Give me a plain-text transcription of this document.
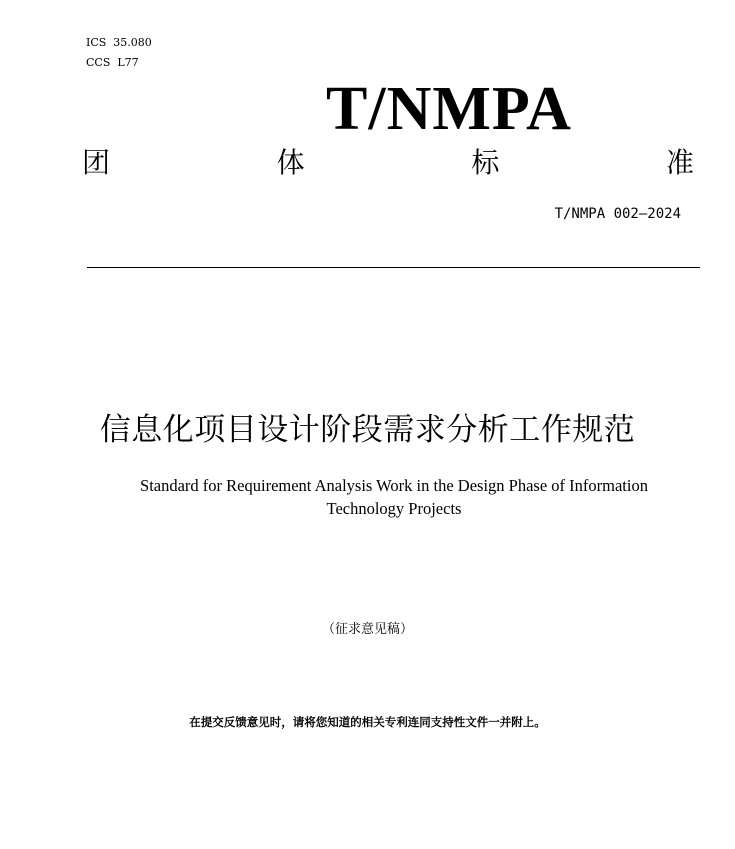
ICS  35.080
CCS  L77
T/NMPA
团	体	标	准
T/NMPA 002—2024
信息化项目设计阶段需求分析工作规范
Standard for Requirement Analysis Work in the Design Phase of Information Technology Projects
（征求意见稿）
在提交反馈意见时，请将您知道的相关专利连同支持性文件一并附上。
